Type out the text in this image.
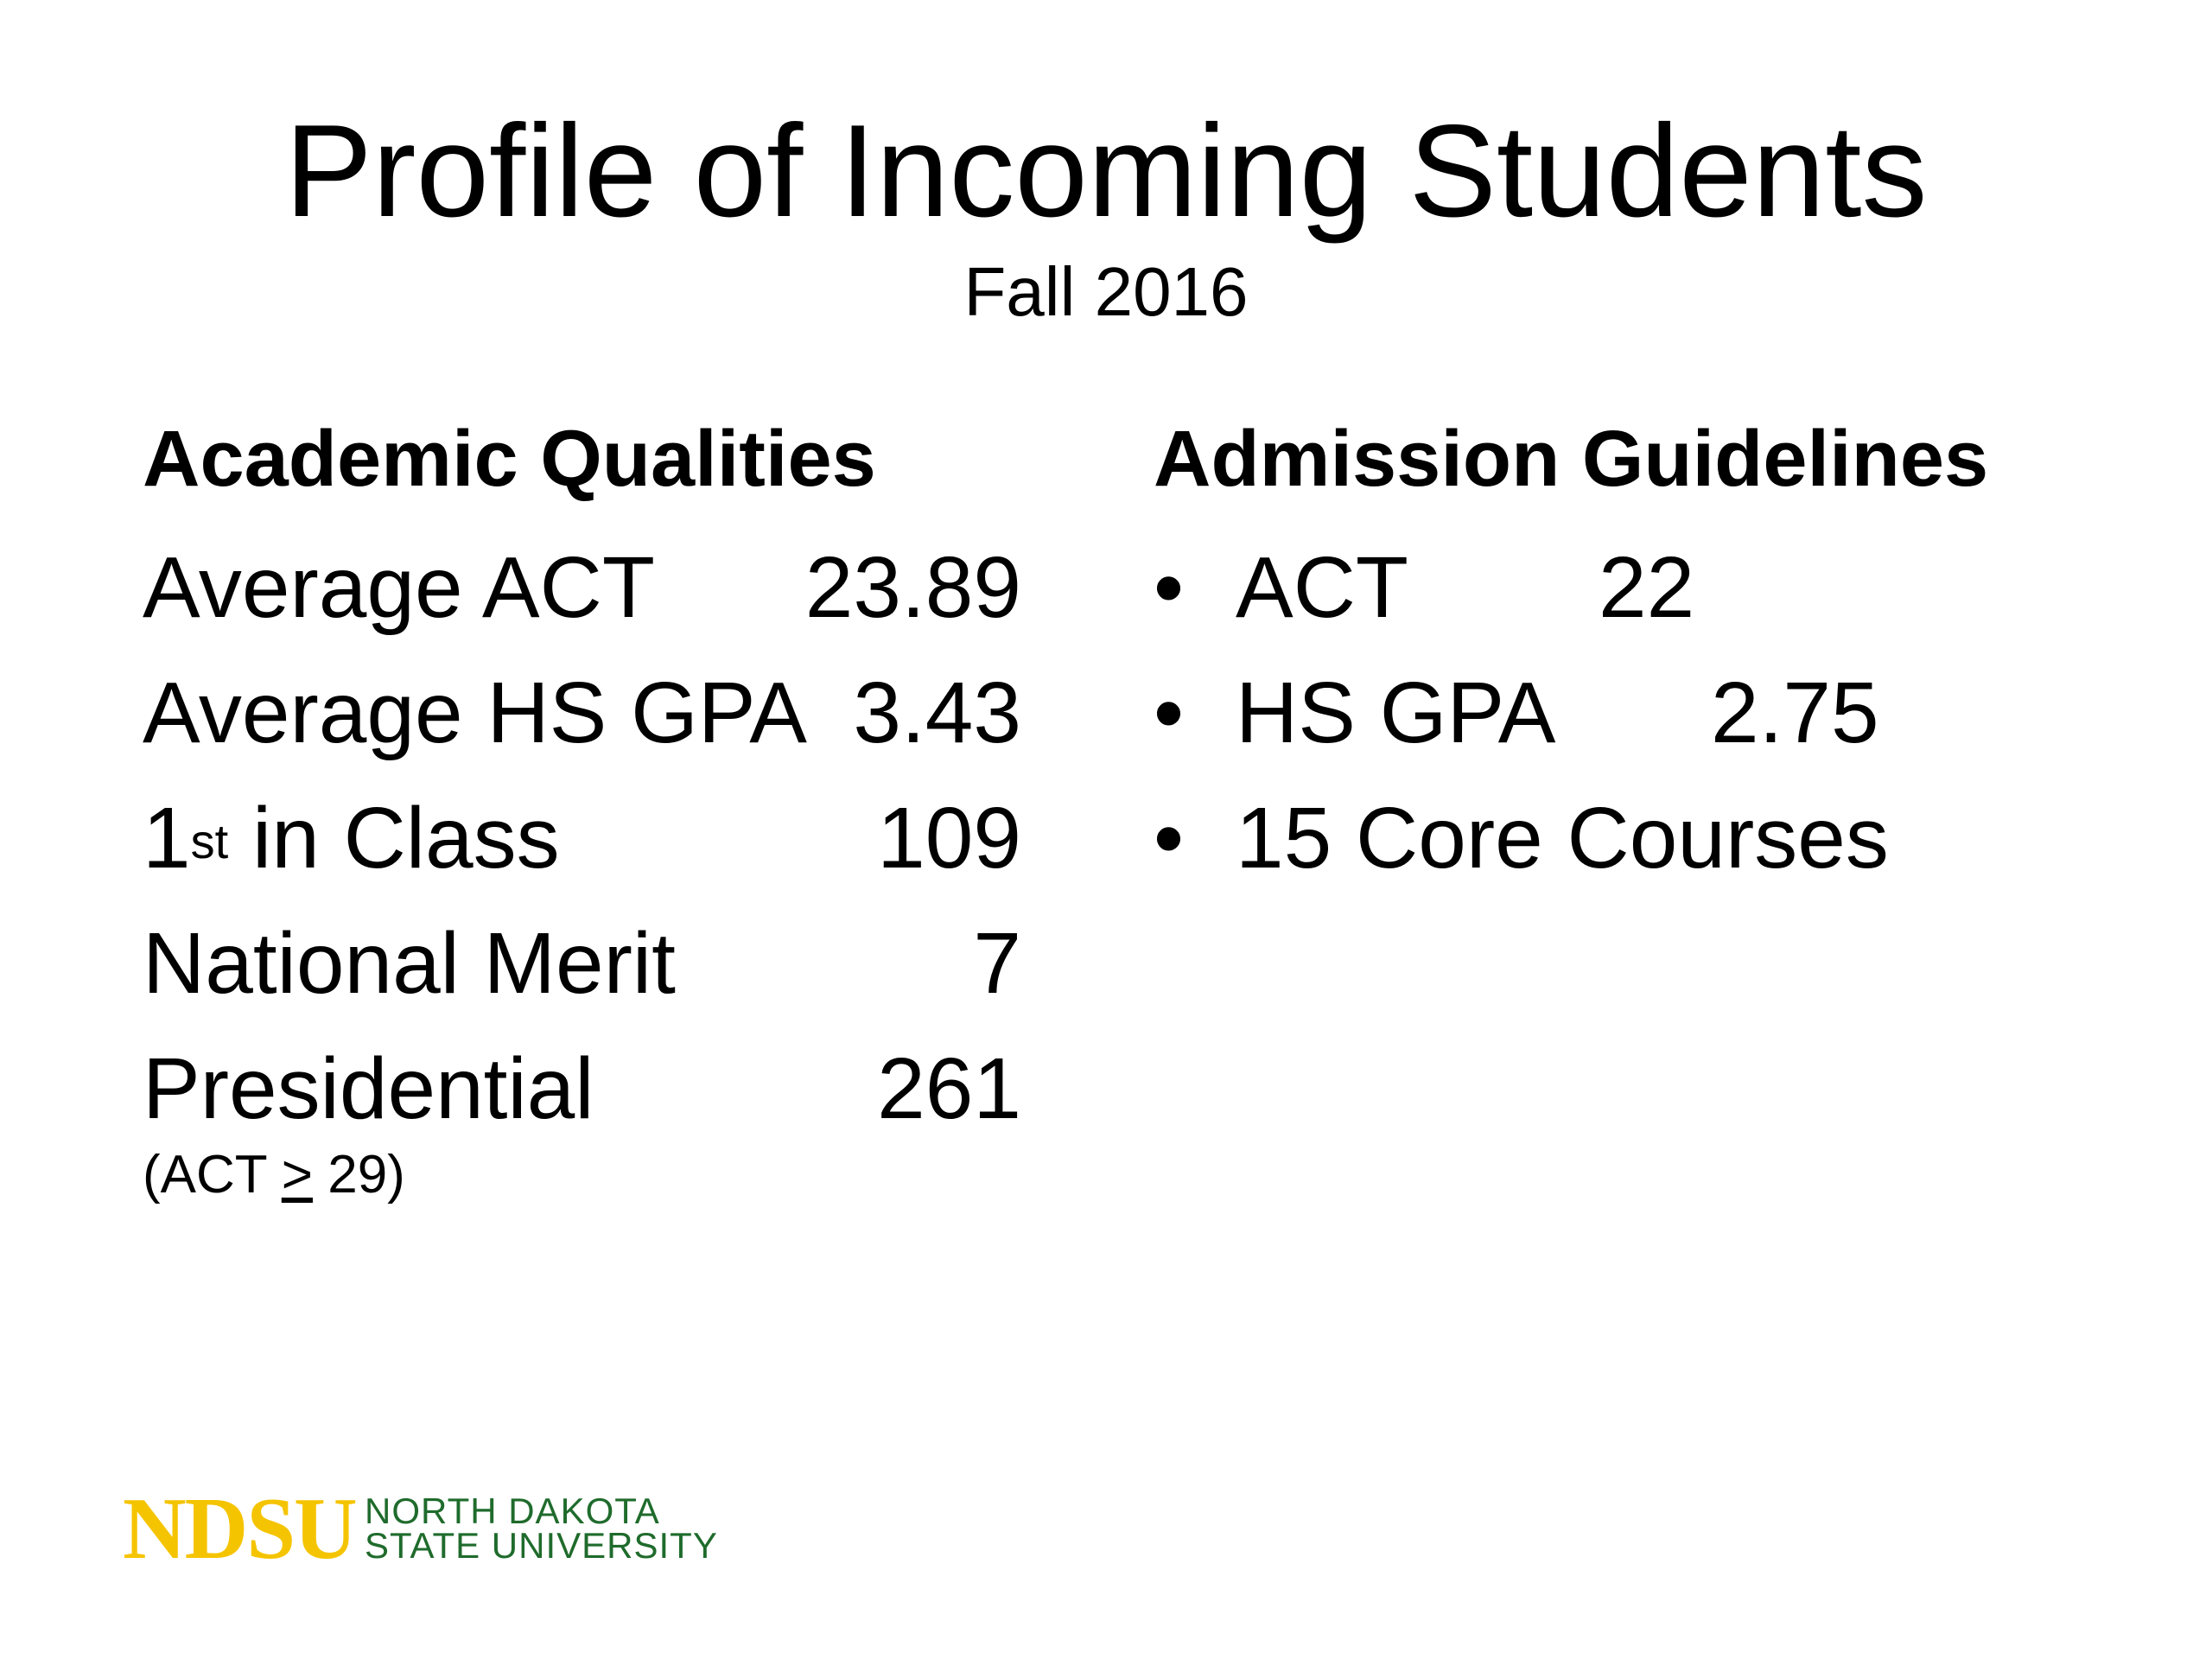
Profile of Incoming Students
Fall 2016
Academic Qualities
Average ACT 23.89
Average HS GPA 3.43
1st in Class	109
National Merit	7
Presidential	261
(ACT ≥ 29)
Admission Guidelines
• ACT 22
• HS GPA 2.75
• 15 Core Courses
NDSU NORTH DAKOTA
STATE UNIVERSITY
